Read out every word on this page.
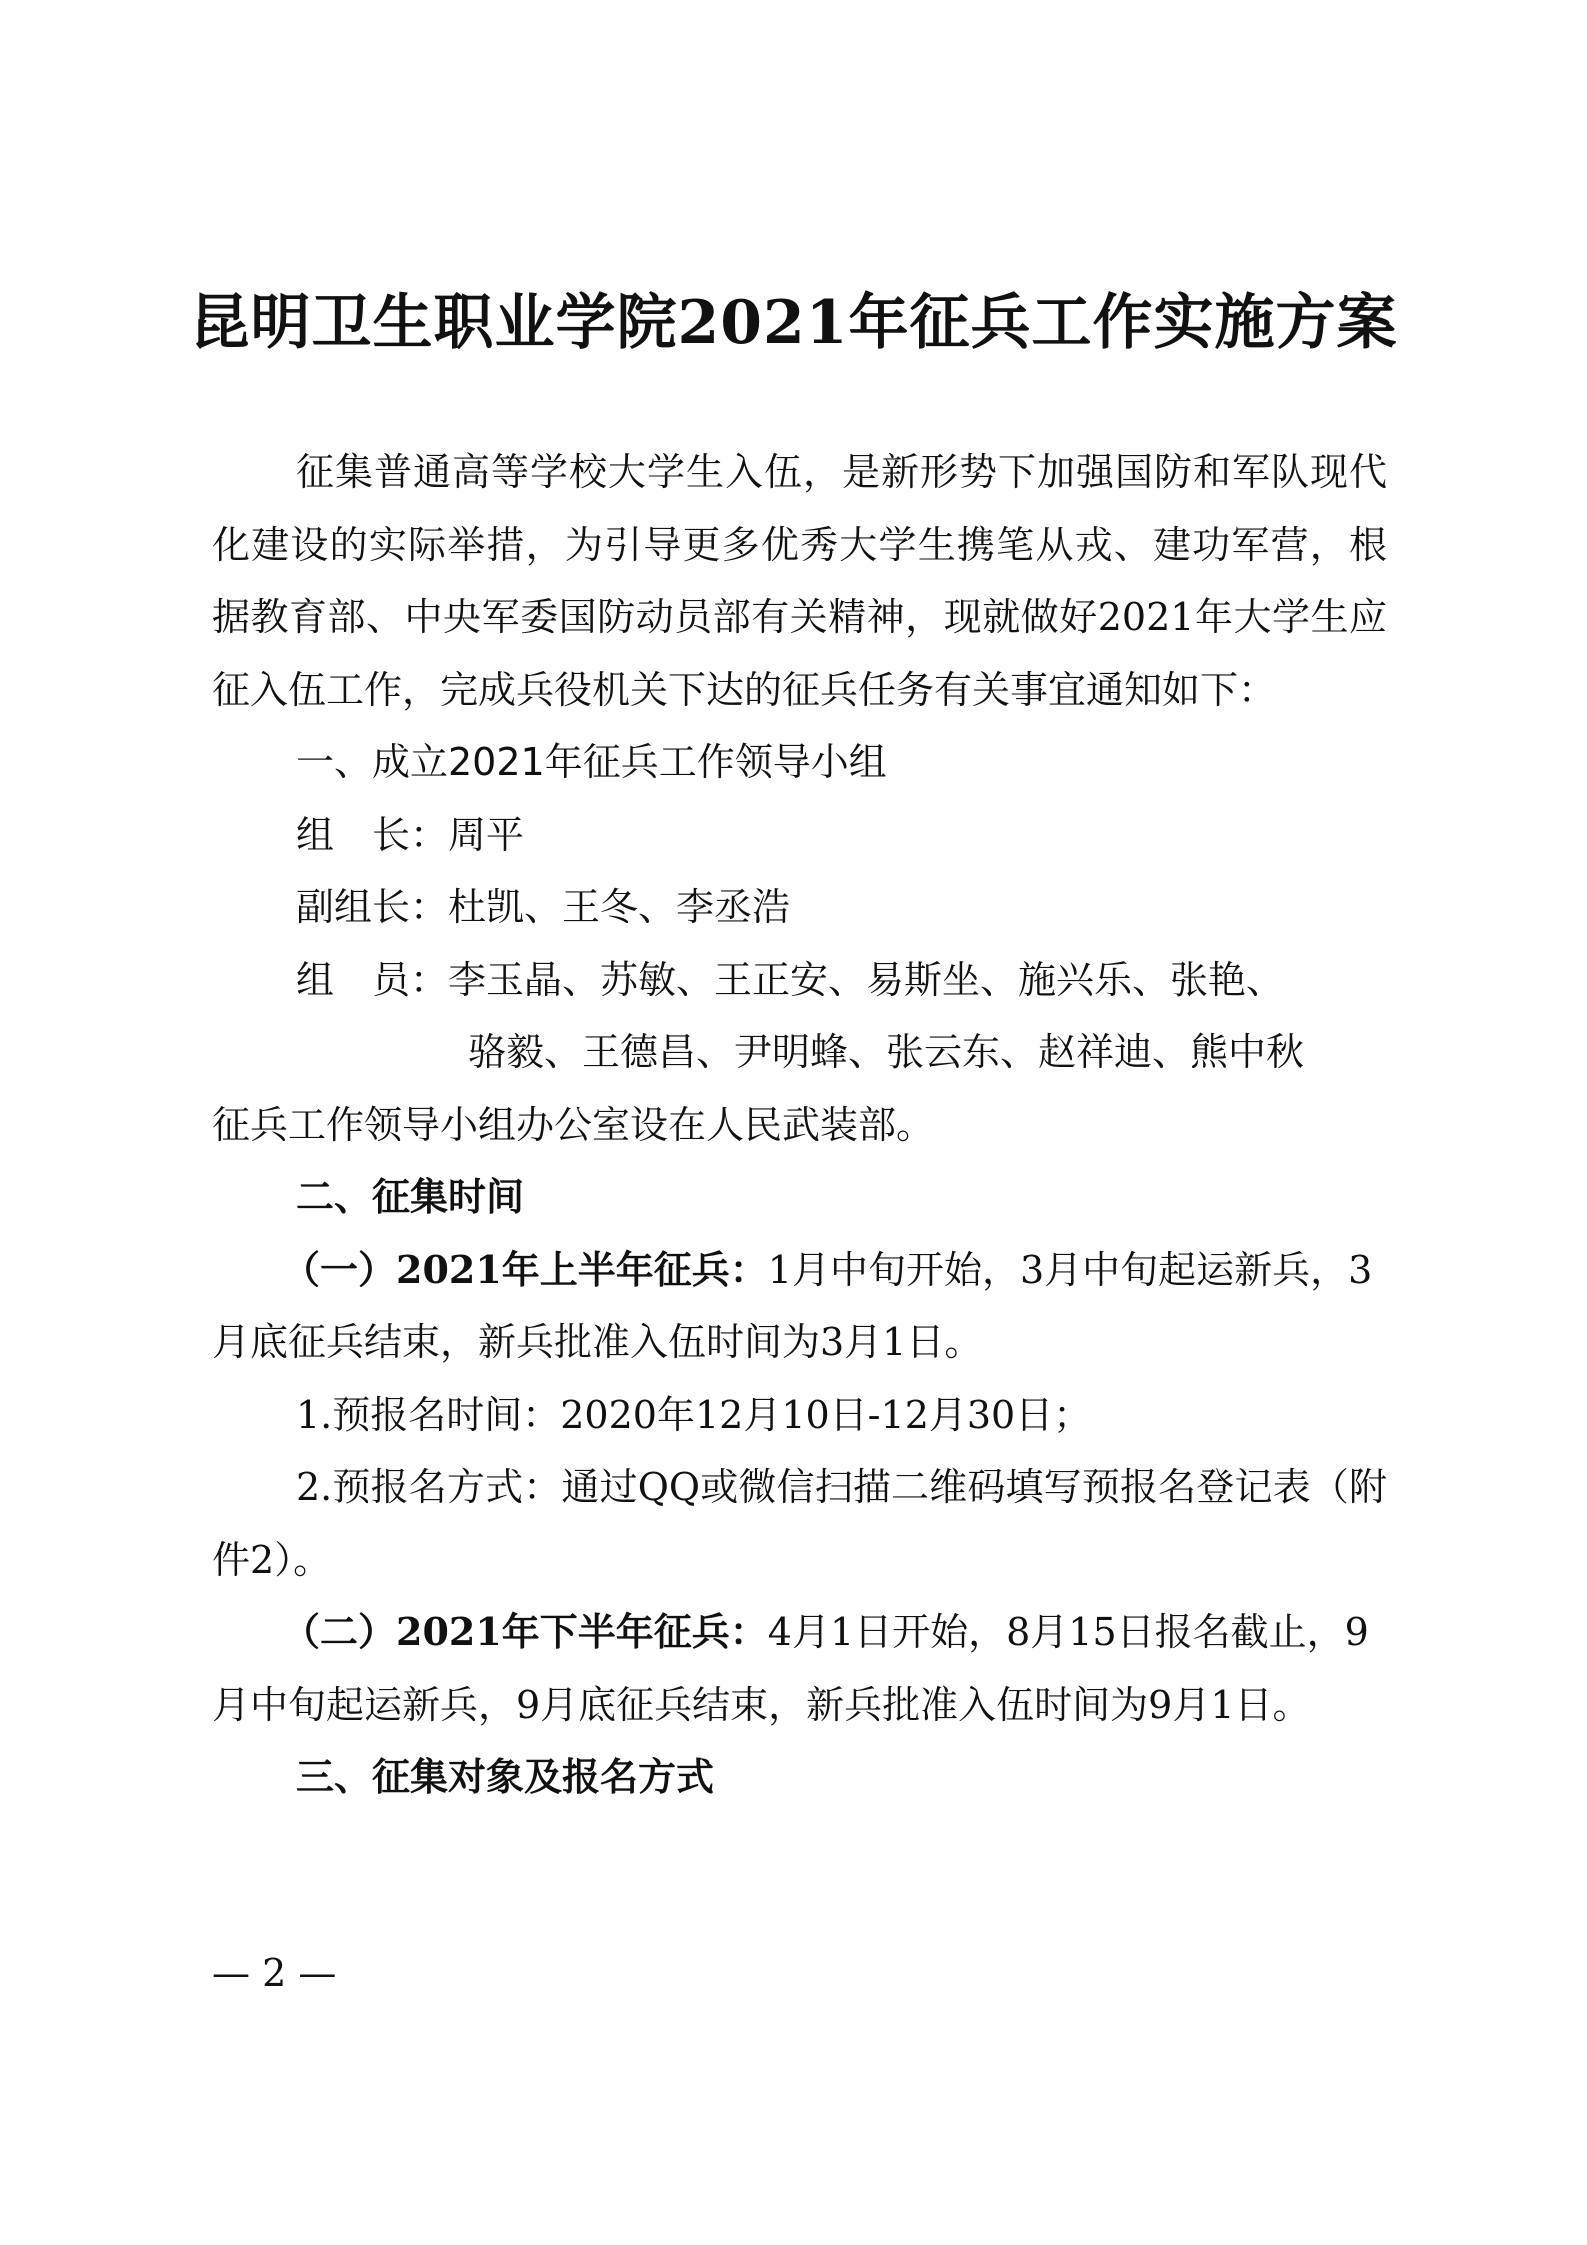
昆明卫生职业学院2021年征兵工作实施方案

征集普通高等学校大学生入伍，是新形势下加强国防和军队现代化建设的实际举措，为引导更多优秀大学生携笔从戎、建功军营，根据教育部、中央军委国防动员部有关精神，现就做好2021年大学生应征入伍工作，完成兵役机关下达的征兵任务有关事宜通知如下：

一、成立2021年征兵工作领导小组

组　长：周平

副组长：杜凯、王冬、李丞浩

组　员：李玉晶、苏敏、王正安、易斯坐、施兴乐、张艳、

骆毅、王德昌、尹明蜂、张云东、赵祥迪、熊中秋

征兵工作领导小组办公室设在人民武装部。

二、征集时间

（一）2021年上半年征兵：1月中旬开始，3月中旬起运新兵，3月底征兵结束，新兵批准入伍时间为3月1日。

1.预报名时间：2020年12月10日-12月30日；

2.预报名方式：通过QQ或微信扫描二维码填写预报名登记表（附件2）。

（二）2021年下半年征兵：4月1日开始，8月15日报名截止，9月中旬起运新兵，9月底征兵结束，新兵批准入伍时间为9月1日。

三、征集对象及报名方式

— 2 —
